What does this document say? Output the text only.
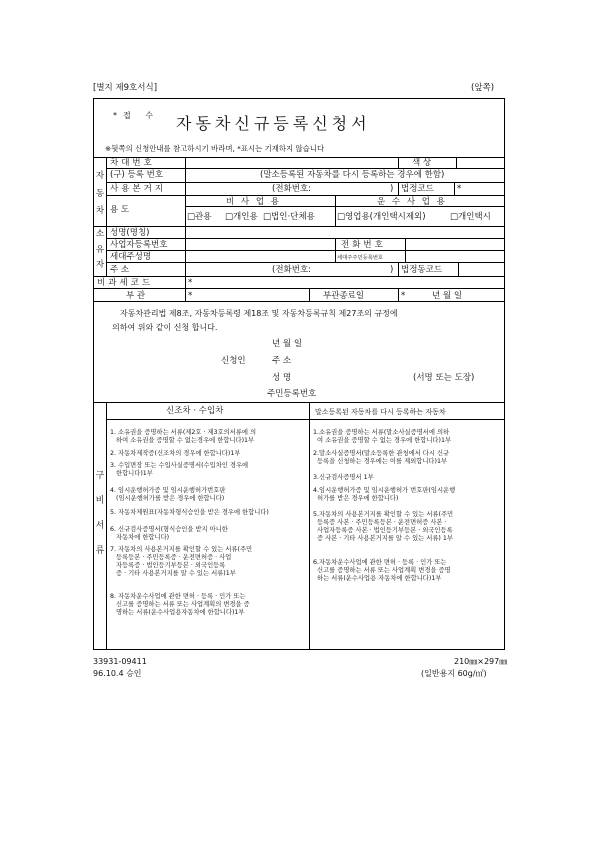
[별지 제9호서식]	(앞쪽)
*접 수 자동차신규등록신청서
※뒷쪽의 신청안내를 참고하시기 바라며, *표시는 기재하지 않습니다
자
동
차
차대번호	색 상
(구) 등록 번호	(말소등록된 자동차를 다시 등록하는 경우에 한함)
사용본거지	(전화번호:	) 법정코드	*
용 도
비 사 업 용	운 수 사 업 용
□관용 □개인용 □법인·단체용	□영업용(개인택시제외)	□개인택시
소
유
자
성명(명칭)
사업자등록번호	전화번호
세대주성명	세대주주민등록번호
주 소	(전화번호:	) 법정동코드
비과세코드	*
부 관	*	부관종료일	*	년 월 일
자동차관리법 제8조, 자동차등록령 제18조 및 자동차등록규칙 제27조의 규정에
의하여 위와 같이 신청 합니다.
년 월 일
신청인	주 소
성 명	(서명 또는 도장)
주민등록번호
구
비
서
류
신조차 · 수입차	말소등록된 자동차를 다시 등록하는 자동차
1. 소유권을 증명하는 서류(제2호 · 제3호의서류에 의
하여 소유권을 증명할 수 없는경우에 한합니다)1부
2. 자동차제작증(신조차의 경우에 한합니다)1부
3. 수입면장 또는 수입사실증명서(수입차인 경우에
한합니다)1부
4. 임시운행허가증 및 임시운행허가번호판
(임시운행허가를 받은 경우에 한합니다)
5. 자동차제원표(자동차형식승인을 받은 경우에 한합니다)
6. 신규검사증명서(형식승인을 받지 아니한
자동차에 한합니다)
7. 자동차의 사용본거지를 확인할 수 있는 서류(주민
등록등본 · 주민등록증 · 운전면허증 · 사업
자등록증 · 법인등기부등본 · 외국인등록
증 · 기타 사용본거지를 알 수 있는 서류)1부
8. 자동차운수사업에 관한 면허 · 등록 · 인가 또는
신고를 증명하는 서류 또는 사업계획의 변경을 증
명하는 서류(운수사업용자동차에 한합니다)1부
1.소유권을 증명하는 서류(말소사실증명서에 의하
여 소유권을 증명할 수 없는 경우에 한합니다)1부
2.말소사실증명서(말소등록한 관청에서 다시 신규
등록을 신청하는 경우에는 이를 제외합니다)1부
3.신규검사증명서 1부
4.임시운행허가증 및 임시운행허가 번호판(임시운행
허가를 받은 경우에 한합니다)
5.자동차의 사용본거지를 확인할 수 있는 서류(주민
등록증 사본 · 주민등록등본 · 운전면허증 사본 ·
사업자등록증 사본 · 법인등기부등본 · 외국인등록
증 사본 · 기타 사용본거지를 알 수 있는 서류) 1부
6.자동차운수사업에 관한 면허 · 등록 · 인가 또는
신고를 증명하는 서류 또는 사업계획 변경을 증명
하는 서류(운수사업용 자동차에 한합니다)1부
33931-09411
96.10.4 승인
210㎜×297㎜
(일반용지 60g/㎡)
